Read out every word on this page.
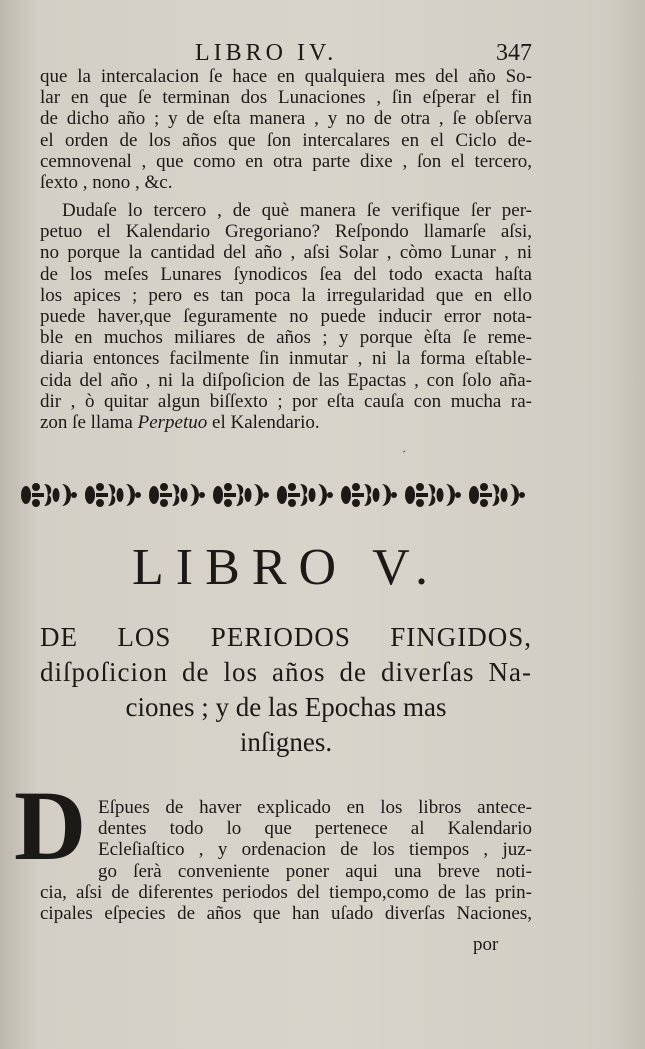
LIBRO IV.	347
que la intercalacion ſe hace en qualquiera mes del año So-
lar en que ſe terminan dos Lunaciones , ſin eſperar el fin
de dicho año ; y de eſta manera , y no de otra , ſe obſerva
el orden de los años que ſon intercalares en el Ciclo de-
cemnovenal , que como en otra parte dixe , ſon el tercero,
ſexto , nono , &c.
Dudaſe lo tercero , de què manera ſe verifique ſer per-
petuo el Kalendario Gregoriano? Reſpondo llamarſe aſsi,
no porque la cantidad del año , aſsi Solar , còmo Lunar , ni
de los meſes Lunares ſynodicos ſea del todo exacta haſta
los apices ; pero es tan poca la irregularidad que en ello
puede haver,que ſeguramente no puede inducir error nota-
ble en muchos miliares de años ; y porque èſta ſe reme-
diaria entonces facilmente ſin inmutar , ni la forma eſtable-
cida del año , ni la diſpoſicion de las Epactas , con ſolo aña-
dir , ò quitar algun biſſexto ; por eſta cauſa con mucha ra-
zon ſe llama Perpetuo el Kalendario.
´
LIBRO V.
DE LOS PERIODOS FINGIDOS,
diſpoſicion de los años de diverſas Na-
ciones ; y de las Epochas mas
inſignes.
D Eſpues de haver explicado en los libros antece-
dentes todo lo que pertenece al Kalendario
Ecleſiaſtico , y ordenacion de los tiempos , juz-
go ſerà conveniente poner aqui una breve noti-
cia, aſsi de diferentes periodos del tiempo,como de las prin-
cipales eſpecies de años que han uſado diverſas Naciones,
por
